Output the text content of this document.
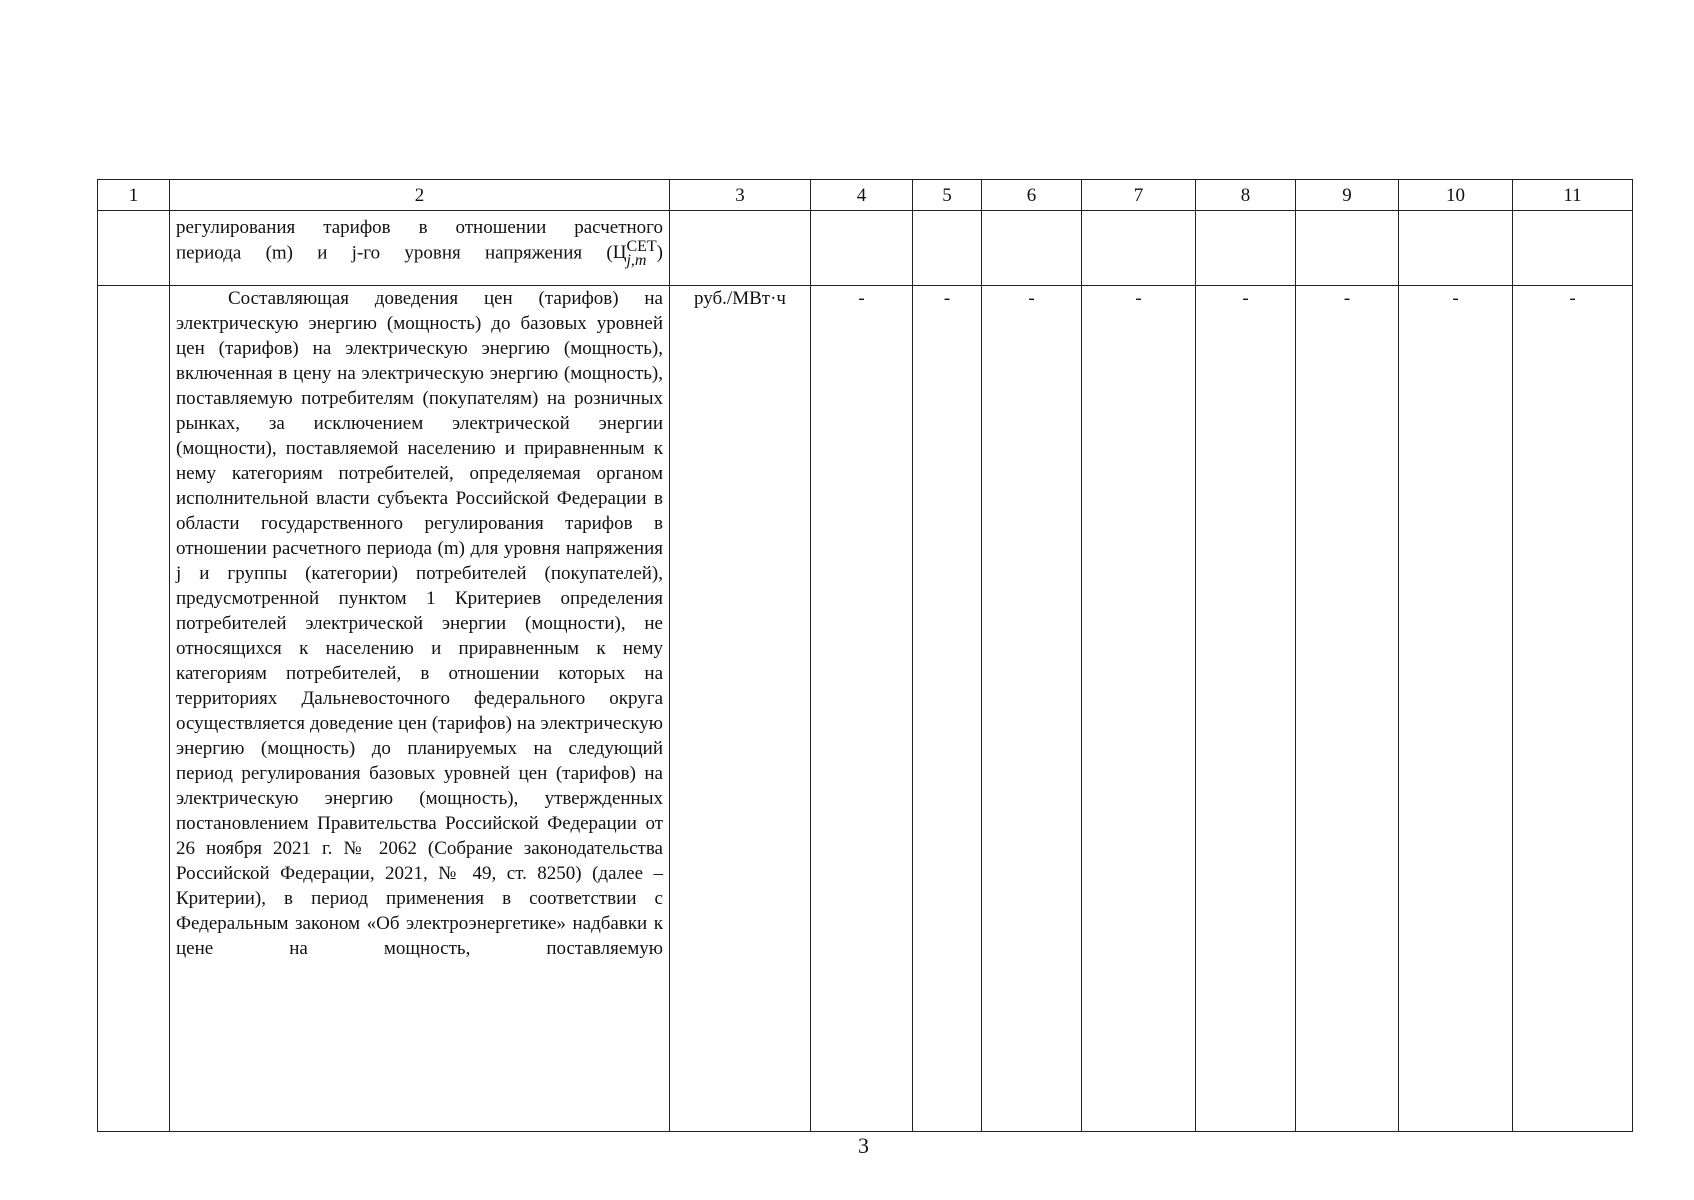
1	2	3	4	5	6	7	8	9	10	11
	регулирования тарифов в отношении расчетного
периода (m) и j-го уровня напряжения (Ц СЕТ
j,m )									
	Составляющая доведения цен (тарифов) на электрическую энергию (мощность) до базовых уровней цен (тарифов) на электрическую энергию (мощность), включенная в цену на электрическую энергию (мощность), поставляемую потребителям (покупателям) на розничных рынках, за исключением электрической энергии (мощности), поставляемой населению и приравненным к нему категориям потребителей, определяемая органом исполнительной власти субъекта Российской Федерации в области государственного регулирования тарифов в отношении расчетного периода (m) для уровня напряжения j и группы (категории) потребителей (покупателей), предусмотренной пунктом 1 Критериев определения потребителей электрической энергии (мощности), не относящихся к населению и приравненным к нему категориям потребителей, в отношении которых на территориях Дальневосточного федерального округа осуществляется доведение цен (тарифов) на электрическую энергию (мощность) до планируемых на следующий период регулирования базовых уровней цен (тарифов) на электрическую энергию (мощность), утвержденных постановлением Правительства Российской Федерации от 26 ноября 2021 г. № 2062 (Собрание законодательства Российской Федерации, 2021, № 49, ст. 8250) (далее – Критерии), в период применения в соответствии с Федеральным законом «Об электроэнергетике» надбавки к цене на мощность, поставляемую	руб./МВт·ч	-	-	-	-	-	-	-	-
3
